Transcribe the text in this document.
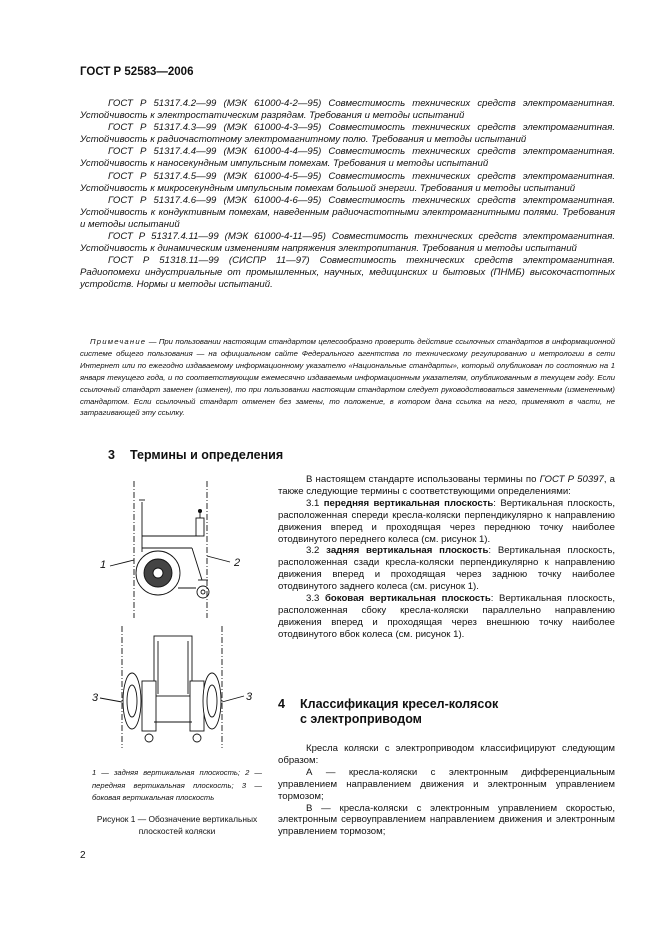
ГОСТ Р 52583—2006

ГОСТ Р 51317.4.2—99 (МЭК 61000-4-2—95) Совместимость технических средств электромагнитная. Устойчивость к электростатическим разрядам. Требования и методы испытаний

ГОСТ Р 51317.4.3—99 (МЭК 61000-4-3—95) Совместимость технических средств электромагнитная. Устойчивость к радиочастотному электромагнитному полю. Требования и методы испытаний

ГОСТ Р 51317.4.4—99 (МЭК 61000-4-4—95) Совместимость технических средств электромагнитная. Устойчивость к наносекундным импульсным помехам. Требования и методы испытаний

ГОСТ Р 51317.4.5—99 (МЭК 61000-4-5—95) Совместимость технических средств электромагнитная. Устойчивость к микросекундным импульсным помехам большой энергии. Требования и методы испытаний

ГОСТ Р 51317.4.6—99 (МЭК 61000-4-6—95) Совместимость технических средств электромагнитная. Устойчивость к кондуктивным помехам, наведенным радиочастотными электромагнитными полями. Требования и методы испытаний

ГОСТ Р 51317.4.11—99 (МЭК 61000-4-11—95) Совместимость технических средств электромагнитная. Устойчивость к динамическим изменениям напряжения электропитания. Требования и методы испытаний

ГОСТ Р 51318.11—99 (СИСПР 11—97) Совместимость технических средств электромагнитная. Радиопомехи индустриальные от промышленных, научных, медицинских и бытовых (ПНМБ) высокочастотных устройств. Нормы и методы испытаний.

Примечание — При пользовании настоящим стандартом целесообразно проверить действие ссылочных стандартов в информационной системе общего пользования — на официальном сайте Федерального агентства по техническому регулированию и метрологии в сети Интернет или по ежегодно издаваемому информационному указателю «Национальные стандарты», который опубликован по состоянию на 1 января текущего года, и по соответствующим ежемесячно издаваемым информационным указателям, опубликованным в текущем году. Если ссылочный стандарт заменен (изменен), то при пользовании настоящим стандартом следует руководствоваться замененным (измененным) стандартом. Если ссылочный стандарт отменен без замены, то положение, в котором дана ссылка на него, применяют в части, не затрагивающей эту ссылку.
3 Термины и определения

В настоящем стандарте использованы термины по ГОСТ Р 50397, а также следующие термины с соответствующими определениями:

3.1 передняя вертикальная плоскость: Вертикальная плоскость, расположенная спереди кресла-коляски перпендикулярно к направлению движения вперед и проходящая через переднюю точку наиболее отодвинутого переднего колеса (см. рисунок 1).

3.2 задняя вертикальная плоскость: Вертикальная плоскость, расположенная сзади кресла-коляски перпендикулярно к направлению движения вперед и проходящая через заднюю точку наиболее отодвинутого заднего колеса (см. рисунок 1).

3.3 боковая вертикальная плоскость: Вертикальная плоскость, расположенная сбоку кресла-коляски параллельно направлению движения вперед и проходящая через внешнюю точку наиболее отодвинутого вбок колеса (см. рисунок 1).

4 Классификация кресел-колясок
с электроприводом

Кресла коляски с электроприводом классифицируют следующим образом:

А — кресла-коляски с электронным дифференциальным управлением направлением движения и электронным управлением тормозом;

В — кресла-коляски с электронным управлением скоростью, электронным сервоуправлением направлением движения и электронным управлением тормозом;

1	2
3	3
1 — задняя вертикальная плоскость; 2 — передняя вертикальная плоскость; 3 — боковая вертикальная плоскость
Рисунок 1 — Обозначение вертикальных плоскостей коляски
2
